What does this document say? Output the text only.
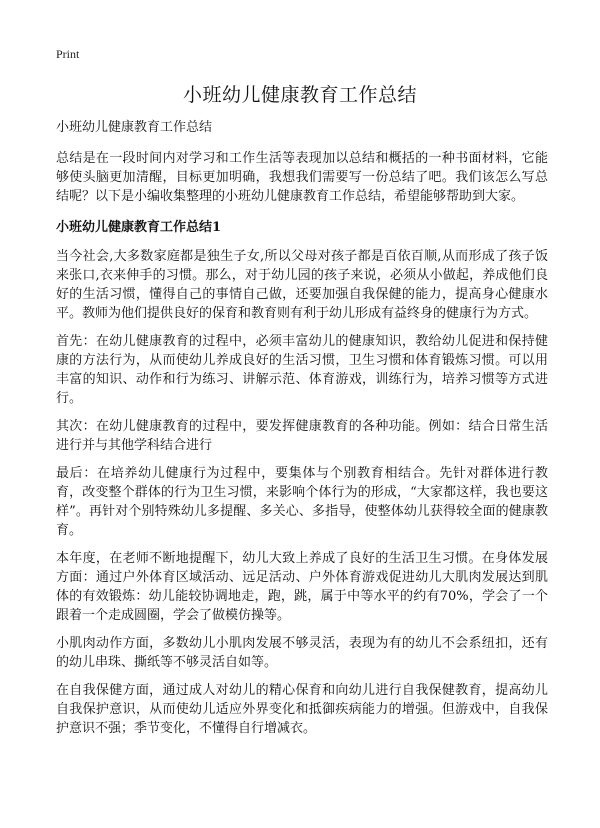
Print
小班幼儿健康教育工作总结

小班幼儿健康教育工作总结

总结是在一段时间内对学习和工作生活等表现加以总结和概括的一种书面材料，它能够使头脑更加清醒，目标更加明确，我想我们需要写一份总结了吧。我们该怎么写总结呢？以下是小编收集整理的小班幼儿健康教育工作总结，希望能够帮助到大家。

小班幼儿健康教育工作总结1

当今社会,大多数家庭都是独生子女,所以父母对孩子都是百依百顺,从而形成了孩子饭来张口,衣来伸手的习惯。那么，对于幼儿园的孩子来说，必须从小做起，养成他们良好的生活习惯，懂得自己的事情自己做，还要加强自我保健的能力，提高身心健康水平。教师为他们提供良好的保育和教育则有利于幼儿形成有益终身的健康行为方式。

首先：在幼儿健康教育的过程中，必须丰富幼儿的健康知识，教给幼儿促进和保持健康的方法行为，从而使幼儿养成良好的生活习惯，卫生习惯和体育锻炼习惯。可以用丰富的知识、动作和行为练习、讲解示范、体育游戏，训练行为，培养习惯等方式进行。

其次：在幼儿健康教育的过程中，要发挥健康教育的各种功能。例如：结合日常生活进行并与其他学科结合进行

最后：在培养幼儿健康行为过程中，要集体与个别教育相结合。先针对群体进行教育，改变整个群体的行为卫生习惯，来影响个体行为的形成，“大家都这样，我也要这样”。再针对个别特殊幼儿多提醒、多关心、多指导，使整体幼儿获得较全面的健康教育。

本年度，在老师不断地提醒下，幼儿大致上养成了良好的生活卫生习惯。在身体发展方面：通过户外体育区域活动、远足活动、户外体育游戏促进幼儿大肌肉发展达到肌体的有效锻炼：幼儿能较协调地走，跑，跳，属于中等水平的约有70%，学会了一个跟着一个走成圆圈，学会了做模仿操等。

小肌肉动作方面，多数幼儿小肌肉发展不够灵活，表现为有的幼儿不会系纽扣，还有的幼儿串珠、撕纸等不够灵活自如等。

在自我保健方面，通过成人对幼儿的精心保育和向幼儿进行自我保健教育，提高幼儿自我保护意识，从而使幼儿适应外界变化和抵御疾病能力的增强。但游戏中，自我保护意识不强；季节变化，不懂得自行增减衣。
